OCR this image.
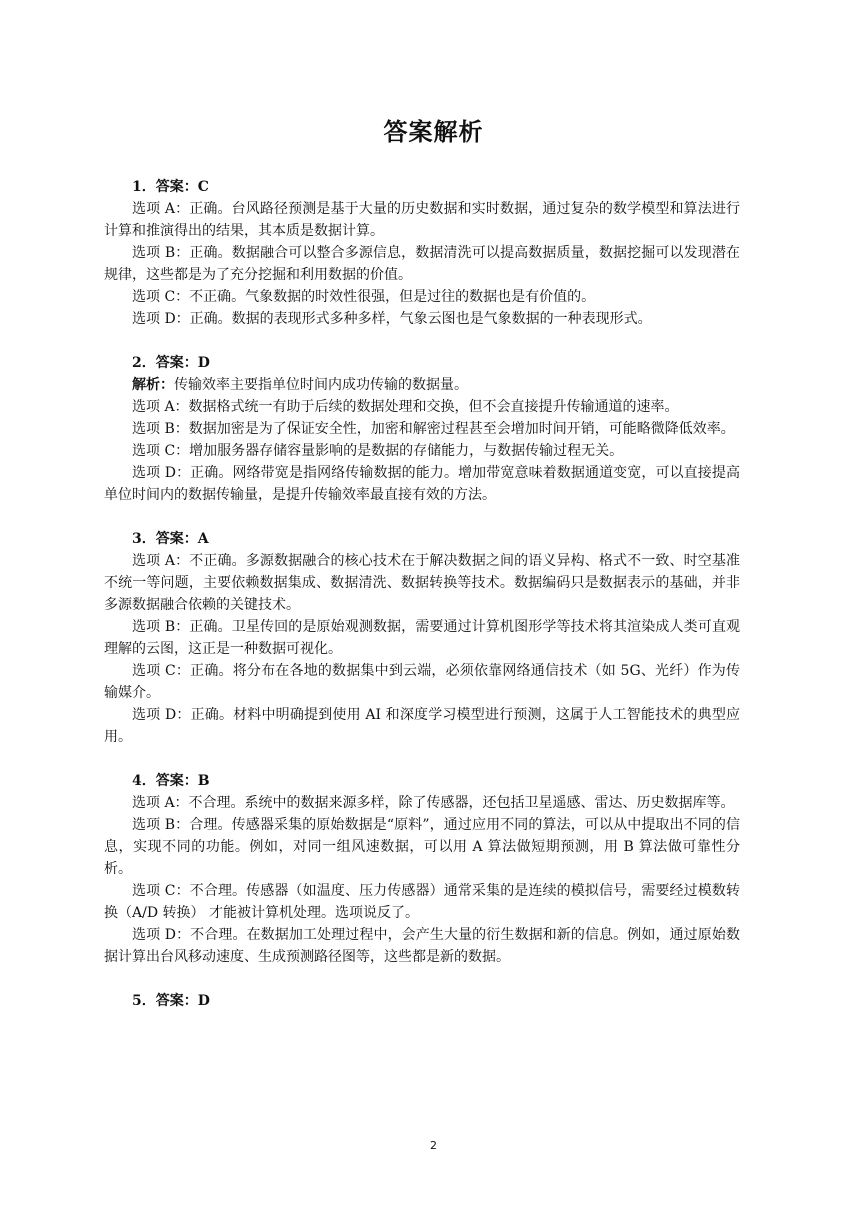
答案解析

1．答案：C

选项 A：正确。台风路径预测是基于大量的历史数据和实时数据，通过复杂的数学模型和算法进行计算和推演得出的结果，其本质是数据计算。

选项 B：正确。数据融合可以整合多源信息，数据清洗可以提高数据质量，数据挖掘可以发现潜在规律，这些都是为了充分挖掘和利用数据的价值。

选项 C：不正确。气象数据的时效性很强，但是过往的数据也是有价值的。

选项 D：正确。数据的表现形式多种多样，气象云图也是气象数据的一种表现形式。

2．答案：D

解析：传输效率主要指单位时间内成功传输的数据量。

选项 A：数据格式统一有助于后续的数据处理和交换，但不会直接提升传输通道的速率。

选项 B：数据加密是为了保证安全性，加密和解密过程甚至会增加时间开销，可能略微降低效率。

选项 C：增加服务器存储容量影响的是数据的存储能力，与数据传输过程无关。

选项 D：正确。网络带宽是指网络传输数据的能力。增加带宽意味着数据通道变宽，可以直接提高单位时间内的数据传输量，是提升传输效率最直接有效的方法。

3．答案：A

选项 A：不正确。多源数据融合的核心技术在于解决数据之间的语义异构、格式不一致、时空基准不统一等问题，主要依赖数据集成、数据清洗、数据转换等技术。数据编码只是数据表示的基础，并非多源数据融合依赖的关键技术。

选项 B：正确。卫星传回的是原始观测数据，需要通过计算机图形学等技术将其渲染成人类可直观理解的云图，这正是一种数据可视化。

选项 C：正确。将分布在各地的数据集中到云端，必须依靠网络通信技术（如 5G、光纤）作为传输媒介。

选项 D：正确。材料中明确提到使用 AI 和深度学习模型进行预测，这属于人工智能技术的典型应用。

4．答案：B

选项 A：不合理。系统中的数据来源多样，除了传感器，还包括卫星遥感、雷达、历史数据库等。

选项 B：合理。传感器采集的原始数据是“原料”，通过应用不同的算法，可以从中提取出不同的信息，实现不同的功能。例如，对同一组风速数据，可以用 A 算法做短期预测，用 B 算法做可靠性分析。

选项 C：不合理。传感器（如温度、压力传感器）通常采集的是连续的模拟信号，需要经过模数转换（A/D 转换） 才能被计算机处理。选项说反了。

选项 D：不合理。在数据加工处理过程中，会产生大量的衍生数据和新的信息。例如，通过原始数据计算出台风移动速度、生成预测路径图等，这些都是新的数据。

5．答案：D

2
